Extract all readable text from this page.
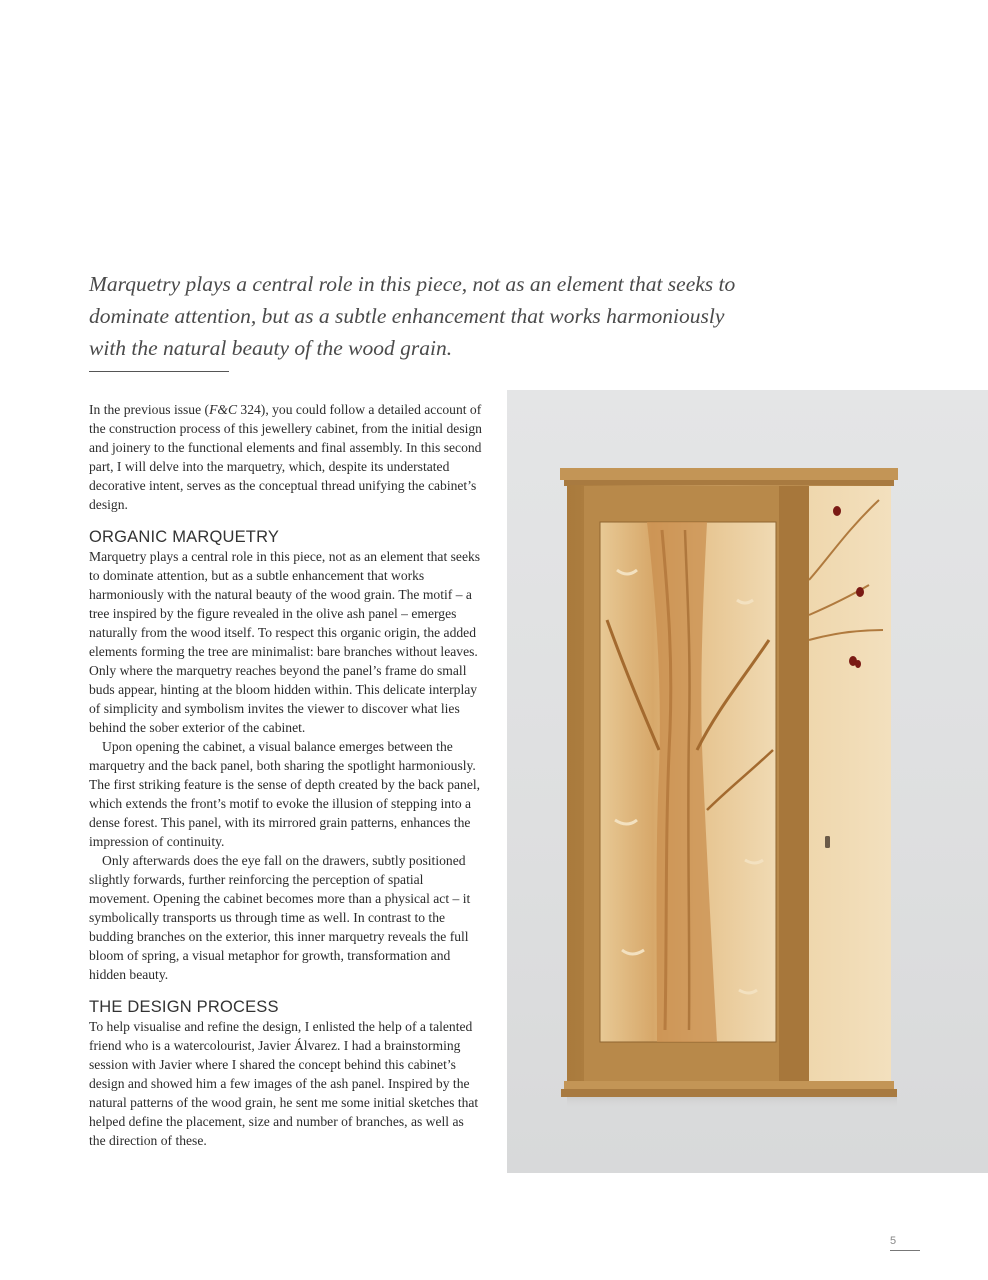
Marquetry plays a central role in this piece, not as an element that seeks to dominate attention, but as a subtle enhancement that works harmoniously with the natural beauty of the wood grain.

In the previous issue (F&C 324), you could follow a detailed account of the construction process of this jewellery cabinet, from the initial design and joinery to the functional elements and final assembly. In this second part, I will delve into the marquetry, which, despite its understated decorative intent, serves as the conceptual thread unifying the cabinet’s design.

ORGANIC MARQUETRY

Marquetry plays a central role in this piece, not as an element that seeks to dominate attention, but as a subtle enhancement that works harmoniously with the natural beauty of the wood grain. The motif – a tree inspired by the figure revealed in the olive ash panel – emerges naturally from the wood itself. To respect this organic origin, the added elements forming the tree are minimalist: bare branches without leaves. Only where the marquetry reaches beyond the panel’s frame do small buds appear, hinting at the bloom hidden within. This delicate interplay of simplicity and symbolism invites the viewer to discover what lies behind the sober exterior of the cabinet.

Upon opening the cabinet, a visual balance emerges between the marquetry and the back panel, both sharing the spotlight harmoniously. The first striking feature is the sense of depth created by the back panel, which extends the front’s motif to evoke the illusion of stepping into a dense forest. This panel, with its mirrored grain patterns, enhances the impression of continuity.

Only afterwards does the eye fall on the drawers, subtly positioned slightly forwards, further reinforcing the perception of spatial movement. Opening the cabinet becomes more than a physical act – it symbolically transports us through time as well. In contrast to the budding branches on the exterior, this inner marquetry reveals the full bloom of spring, a visual metaphor for growth, transformation and hidden beauty.

THE DESIGN PROCESS

To help visualise and refine the design, I enlisted the help of a talented friend who is a watercolourist, Javier Álvarez. I had a brainstorming session with Javier where I shared the concept behind this cabinet’s design and showed him a few images of the ash panel. Inspired by the natural patterns of the wood grain, he sent me some initial sketches that helped define the placement, size and number of branches, as well as the direction of these.

5
